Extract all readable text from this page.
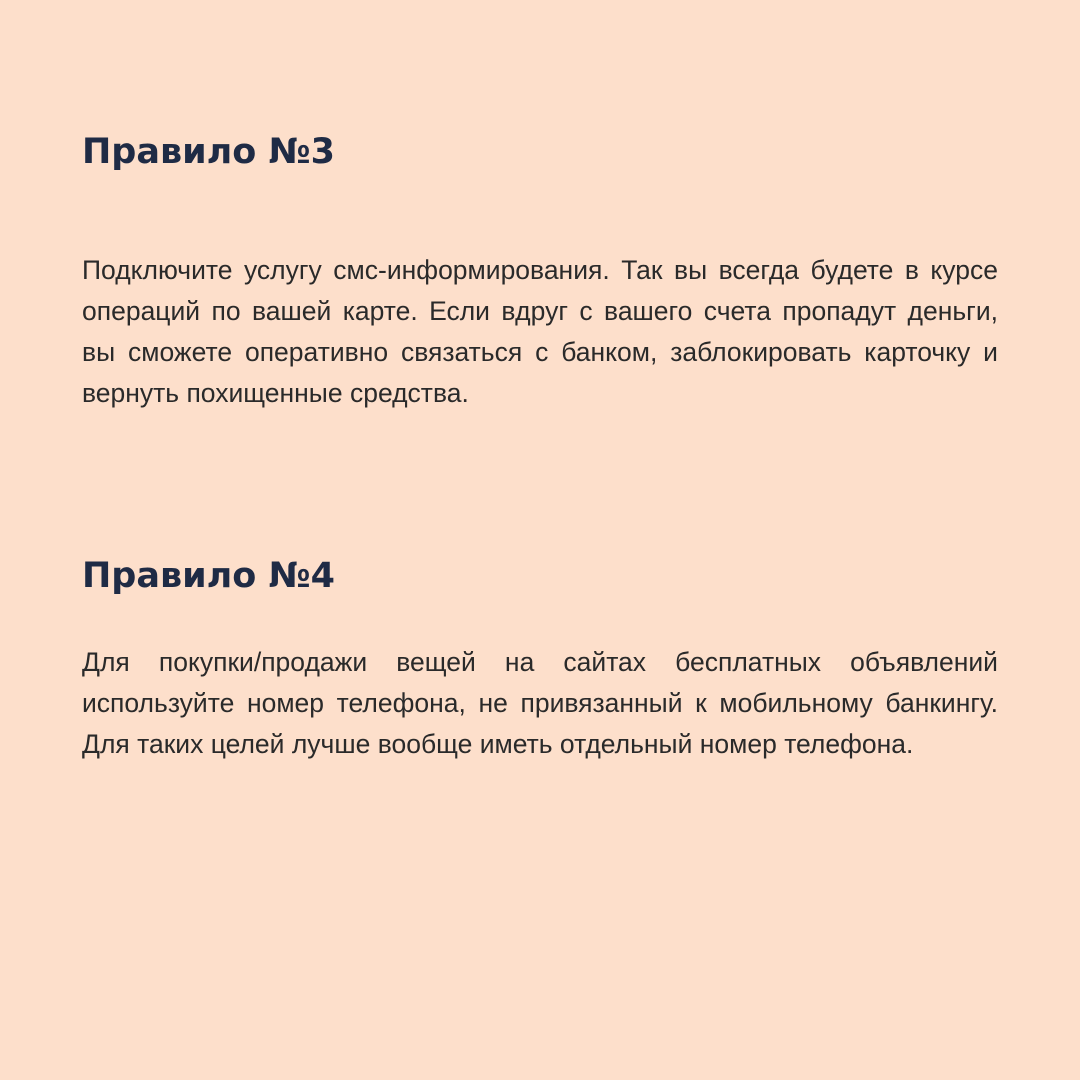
Правило №3

Подключите услугу смс-информирования. Так вы всегда будете в курсе операций по вашей карте. Если вдруг с вашего счета пропадут деньги, вы сможете оперативно связаться с банком, заблокировать карточку и вернуть похищенные средства.

Правило №4

Для покупки/продажи вещей на сайтах бесплатных объявлений используйте номер телефона, не привязанный к мобильному банкингу. Для таких целей лучше вообще иметь отдельный номер телефона.
